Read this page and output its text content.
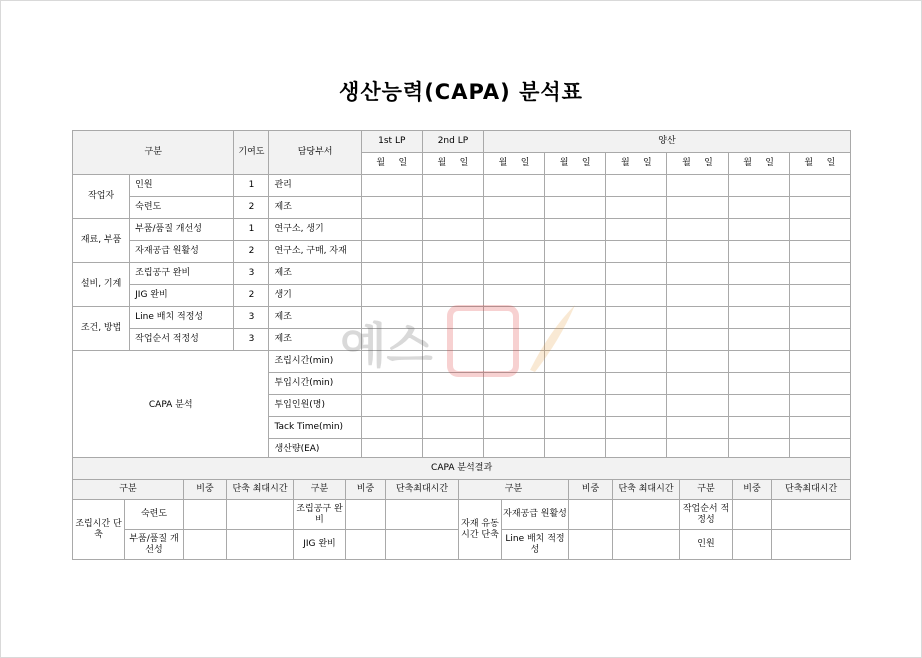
생산능력(CAPA) 분석표
구분		기여도	담당부서	1st LP	2nd LP	양산					

				월 일	월 일	월 일	월 일	월 일	월 일	월 일	월 일

작업자	인원	1	관리								
	숙련도	2	제조								
재료, 부품	부품/품질 개선성	1	연구소, 생기								
	자재공급 원활성	2	연구소, 구매, 자재								
설비, 기계	조립공구 완비	3	제조								
	JIG 완비	2	생기								
조건, 방법	Line 배치 적정성	3	제조								
	작업순서 적정성	3	제조								
CAPA 분석			조립시간(min)								
			투입시간(min)								
			투입인원(명)								
			Tack Time(min)								
			생산량(EA)								
CAPA 분석결과													
구분		비중	단축 최대시간	구분	비중	단축최대시간	구분		비중	단축 최대시간	구분	비중	단축최대시간
조립시간 단축	숙련도			조립공구 완비			자재 유동시간 단축	자재공급 원활성			작업순서 적정성		
	부품/품질 개선성			JIG 완비				Line 배치 적정성			인원		
예스
